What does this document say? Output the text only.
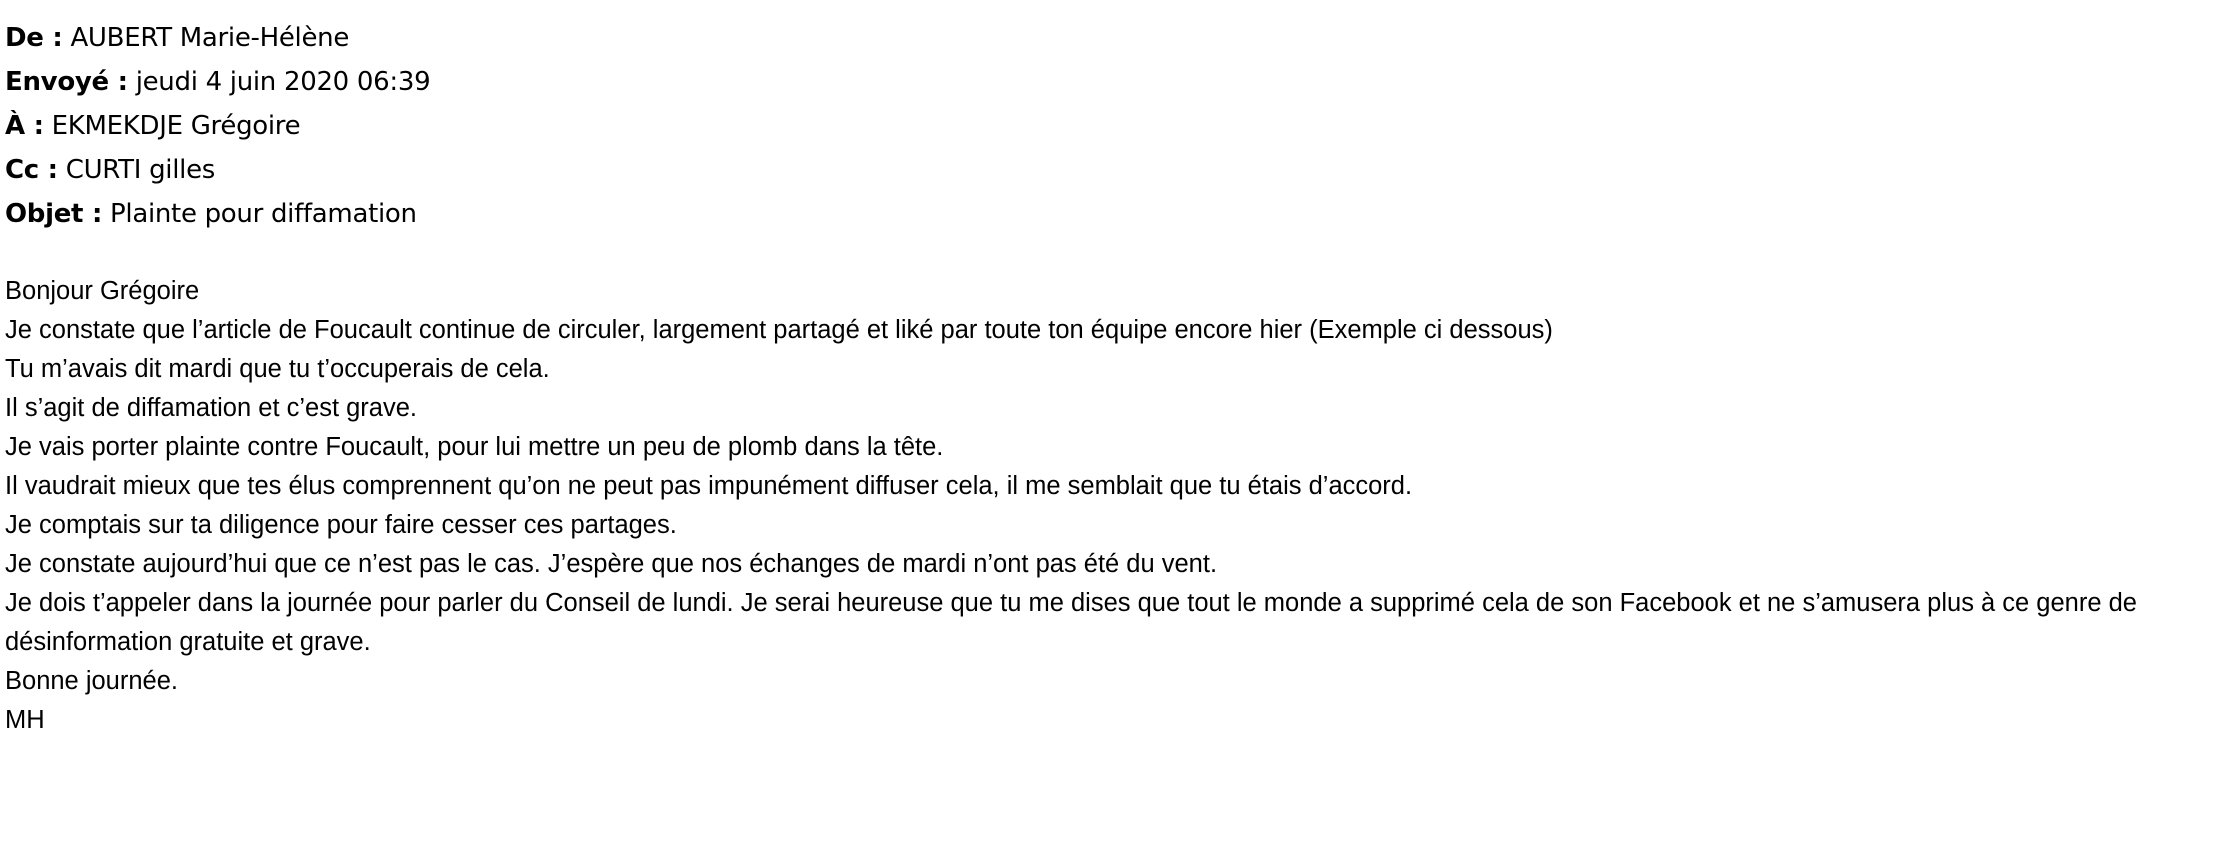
De : AUBERT Marie-Hélène
Envoyé : jeudi 4 juin 2020 06:39
À : EKMEKDJE Grégoire
Cc : CURTI gilles
Objet : Plainte pour diffamation
Bonjour Grégoire
Je constate que l’article de Foucault continue de circuler, largement partagé et liké par toute ton équipe encore hier (Exemple ci dessous)
Tu m’avais dit mardi que tu t’occuperais de cela.
Il s’agit de diffamation et c’est grave.
Je vais porter plainte contre Foucault, pour lui mettre un peu de plomb dans la tête.
Il vaudrait mieux que tes élus comprennent qu’on ne peut pas impunément diffuser cela, il me semblait que tu étais d’accord.
Je comptais sur ta diligence pour faire cesser ces partages.
Je constate aujourd’hui que ce n’est pas le cas. J’espère que nos échanges de mardi n’ont pas été du vent.
Je dois t’appeler dans la journée pour parler du Conseil de lundi. Je serai heureuse que tu me dises que tout le monde a supprimé cela de son Facebook et ne s’amusera plus à ce genre de
désinformation gratuite et grave.
Bonne journée.
MH
